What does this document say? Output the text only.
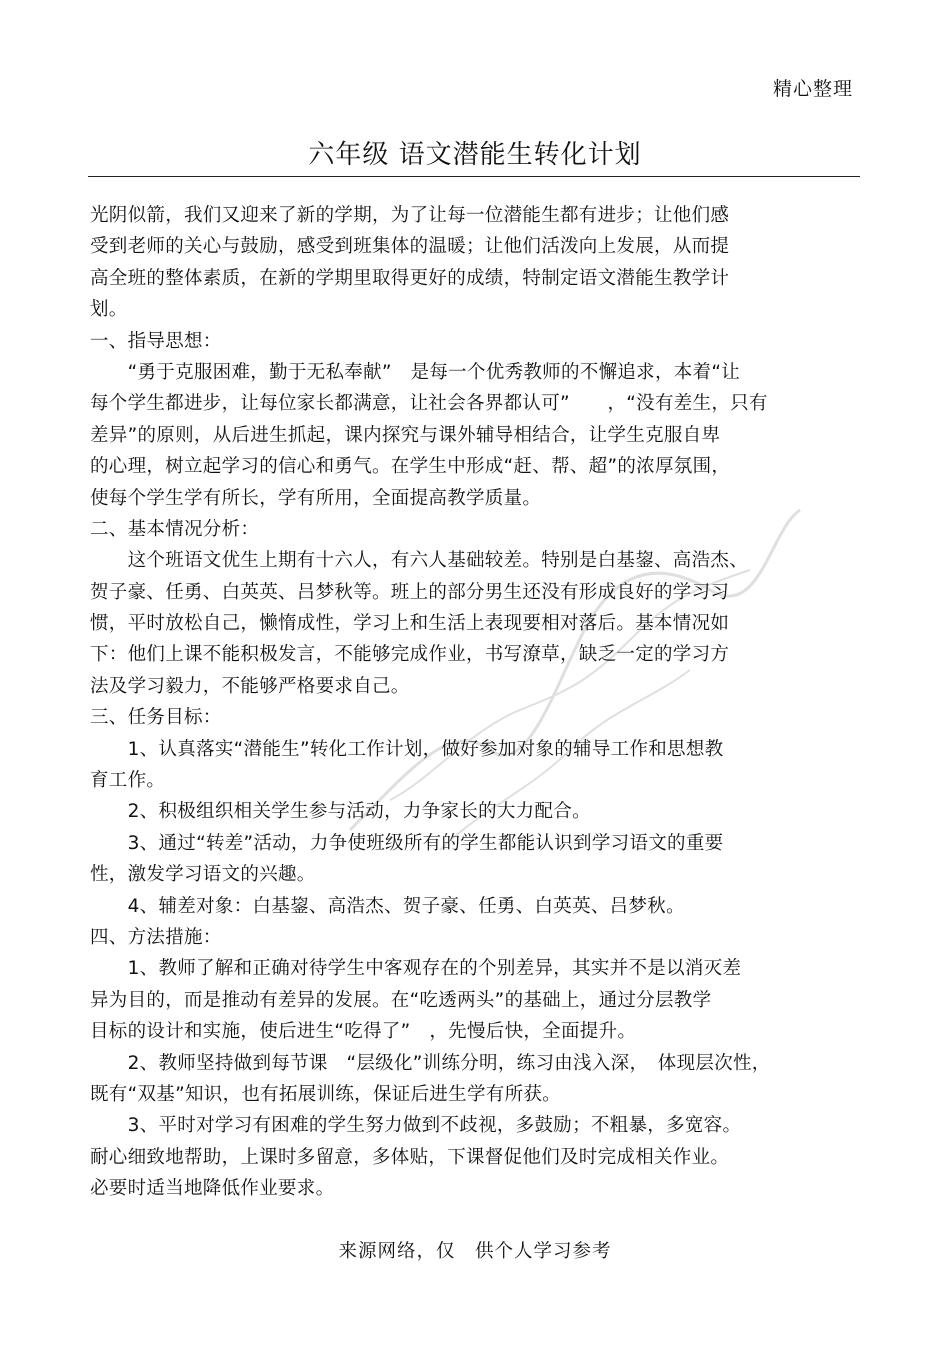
精心整理
六年级 语文潜能生转化计划
光阴似箭，我们又迎来了新的学期，为了让每一位潜能生都有进步；让他们感
受到老师的关心与鼓励，感受到班集体的温暖；让他们活泼向上发展，从而提
高全班的整体素质，在新的学期里取得更好的成绩，特制定语文潜能生教学计
划。
一、指导思想：
　　“勇于克服困难，勤于无私奉献”　是每一个优秀教师的不懈追求，本着“让
每个学生都进步，让每位家长都满意，让社会各界都认可”　　，“没有差生，只有
差异”的原则，从后进生抓起，课内探究与课外辅导相结合，让学生克服自卑
的心理，树立起学习的信心和勇气。在学生中形成“赶、帮、超”的浓厚氛围，
使每个学生学有所长，学有所用，全面提高教学质量。
二、基本情况分析：
　　这个班语文优生上期有十六人，有六人基础较差。特别是白基鋆、高浩杰、
贺子豪、任勇、白英英、吕梦秋等。班上的部分男生还没有形成良好的学习习
惯，平时放松自己，懒惰成性，学习上和生活上表现要相对落后。基本情况如
下：他们上课不能积极发言，不能够完成作业，书写潦草，缺乏一定的学习方
法及学习毅力，不能够严格要求自己。
三、任务目标：
　　1、认真落实“潜能生”转化工作计划，做好参加对象的辅导工作和思想教
育工作。
　　2、积极组织相关学生参与活动，力争家长的大力配合。
　　3、通过“转差”活动，力争使班级所有的学生都能认识到学习语文的重要
性，激发学习语文的兴趣。
　　4、辅差对象：白基鋆、高浩杰、贺子豪、任勇、白英英、吕梦秋。
四、方法措施：
　　1、教师了解和正确对待学生中客观存在的个别差异，其实并不是以消灭差
异为目的，而是推动有差异的发展。在“吃透两头”的基础上，通过分层教学
目标的设计和实施，使后进生“吃得了”　，先慢后快，全面提升。
　　2、教师坚持做到每节课　“层级化”训练分明，练习由浅入深，　体现层次性，
既有“双基”知识，也有拓展训练，保证后进生学有所获。
　　3、平时对学习有困难的学生努力做到不歧视，多鼓励；不粗暴，多宽容。
耐心细致地帮助，上课时多留意，多体贴，下课督促他们及时完成相关作业。
必要时适当地降低作业要求。
来源网络，仅　供个人学习参考
